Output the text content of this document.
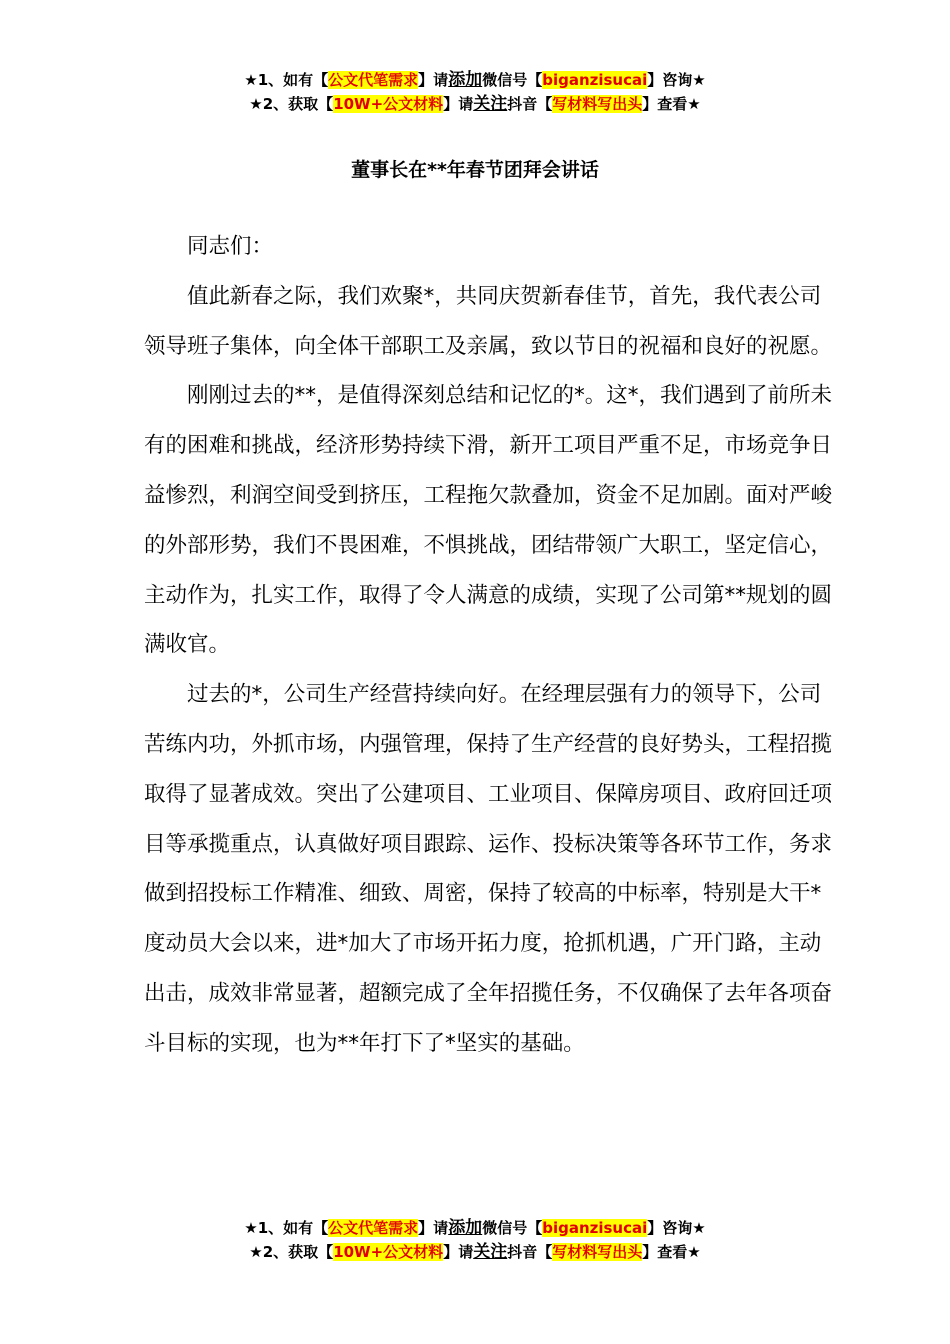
★1、如有【公文代笔需求】请添加微信号【biganzisucai】咨询★
★2、获取【10W+公文材料】请关注抖音【写材料写出头】查看★
董事长在**年春节团拜会讲话

同志们：

值此新春之际，我们欢聚*，共同庆贺新春佳节，首先，我代表公司领导班子集体，向全体干部职工及亲属，致以节日的祝福和良好的祝愿。

刚刚过去的**，是值得深刻总结和记忆的*。这*，我们遇到了前所未有的困难和挑战，经济形势持续下滑，新开工项目严重不足，市场竞争日益惨烈，利润空间受到挤压，工程拖欠款叠加，资金不足加剧。面对严峻的外部形势，我们不畏困难，不惧挑战，团结带领广大职工，坚定信心，主动作为，扎实工作，取得了令人满意的成绩，实现了公司第**规划的圆满收官。

过去的*，公司生产经营持续向好。在经理层强有力的领导下，公司苦练内功，外抓市场，内强管理，保持了生产经营的良好势头，工程招揽取得了显著成效。突出了公建项目、工业项目、保障房项目、政府回迁项目等承揽重点，认真做好项目跟踪、运作、投标决策等各环节工作，务求做到招投标工作精准、细致、周密，保持了较高的中标率，特别是大干*度动员大会以来，进*加大了市场开拓力度，抢抓机遇，广开门路，主动出击，成效非常显著，超额完成了全年招揽任务，不仅确保了去年各项奋斗目标的实现，也为**年打下了*坚实的基础。

★1、如有【公文代笔需求】请添加微信号【biganzisucai】咨询★
★2、获取【10W+公文材料】请关注抖音【写材料写出头】查看★
